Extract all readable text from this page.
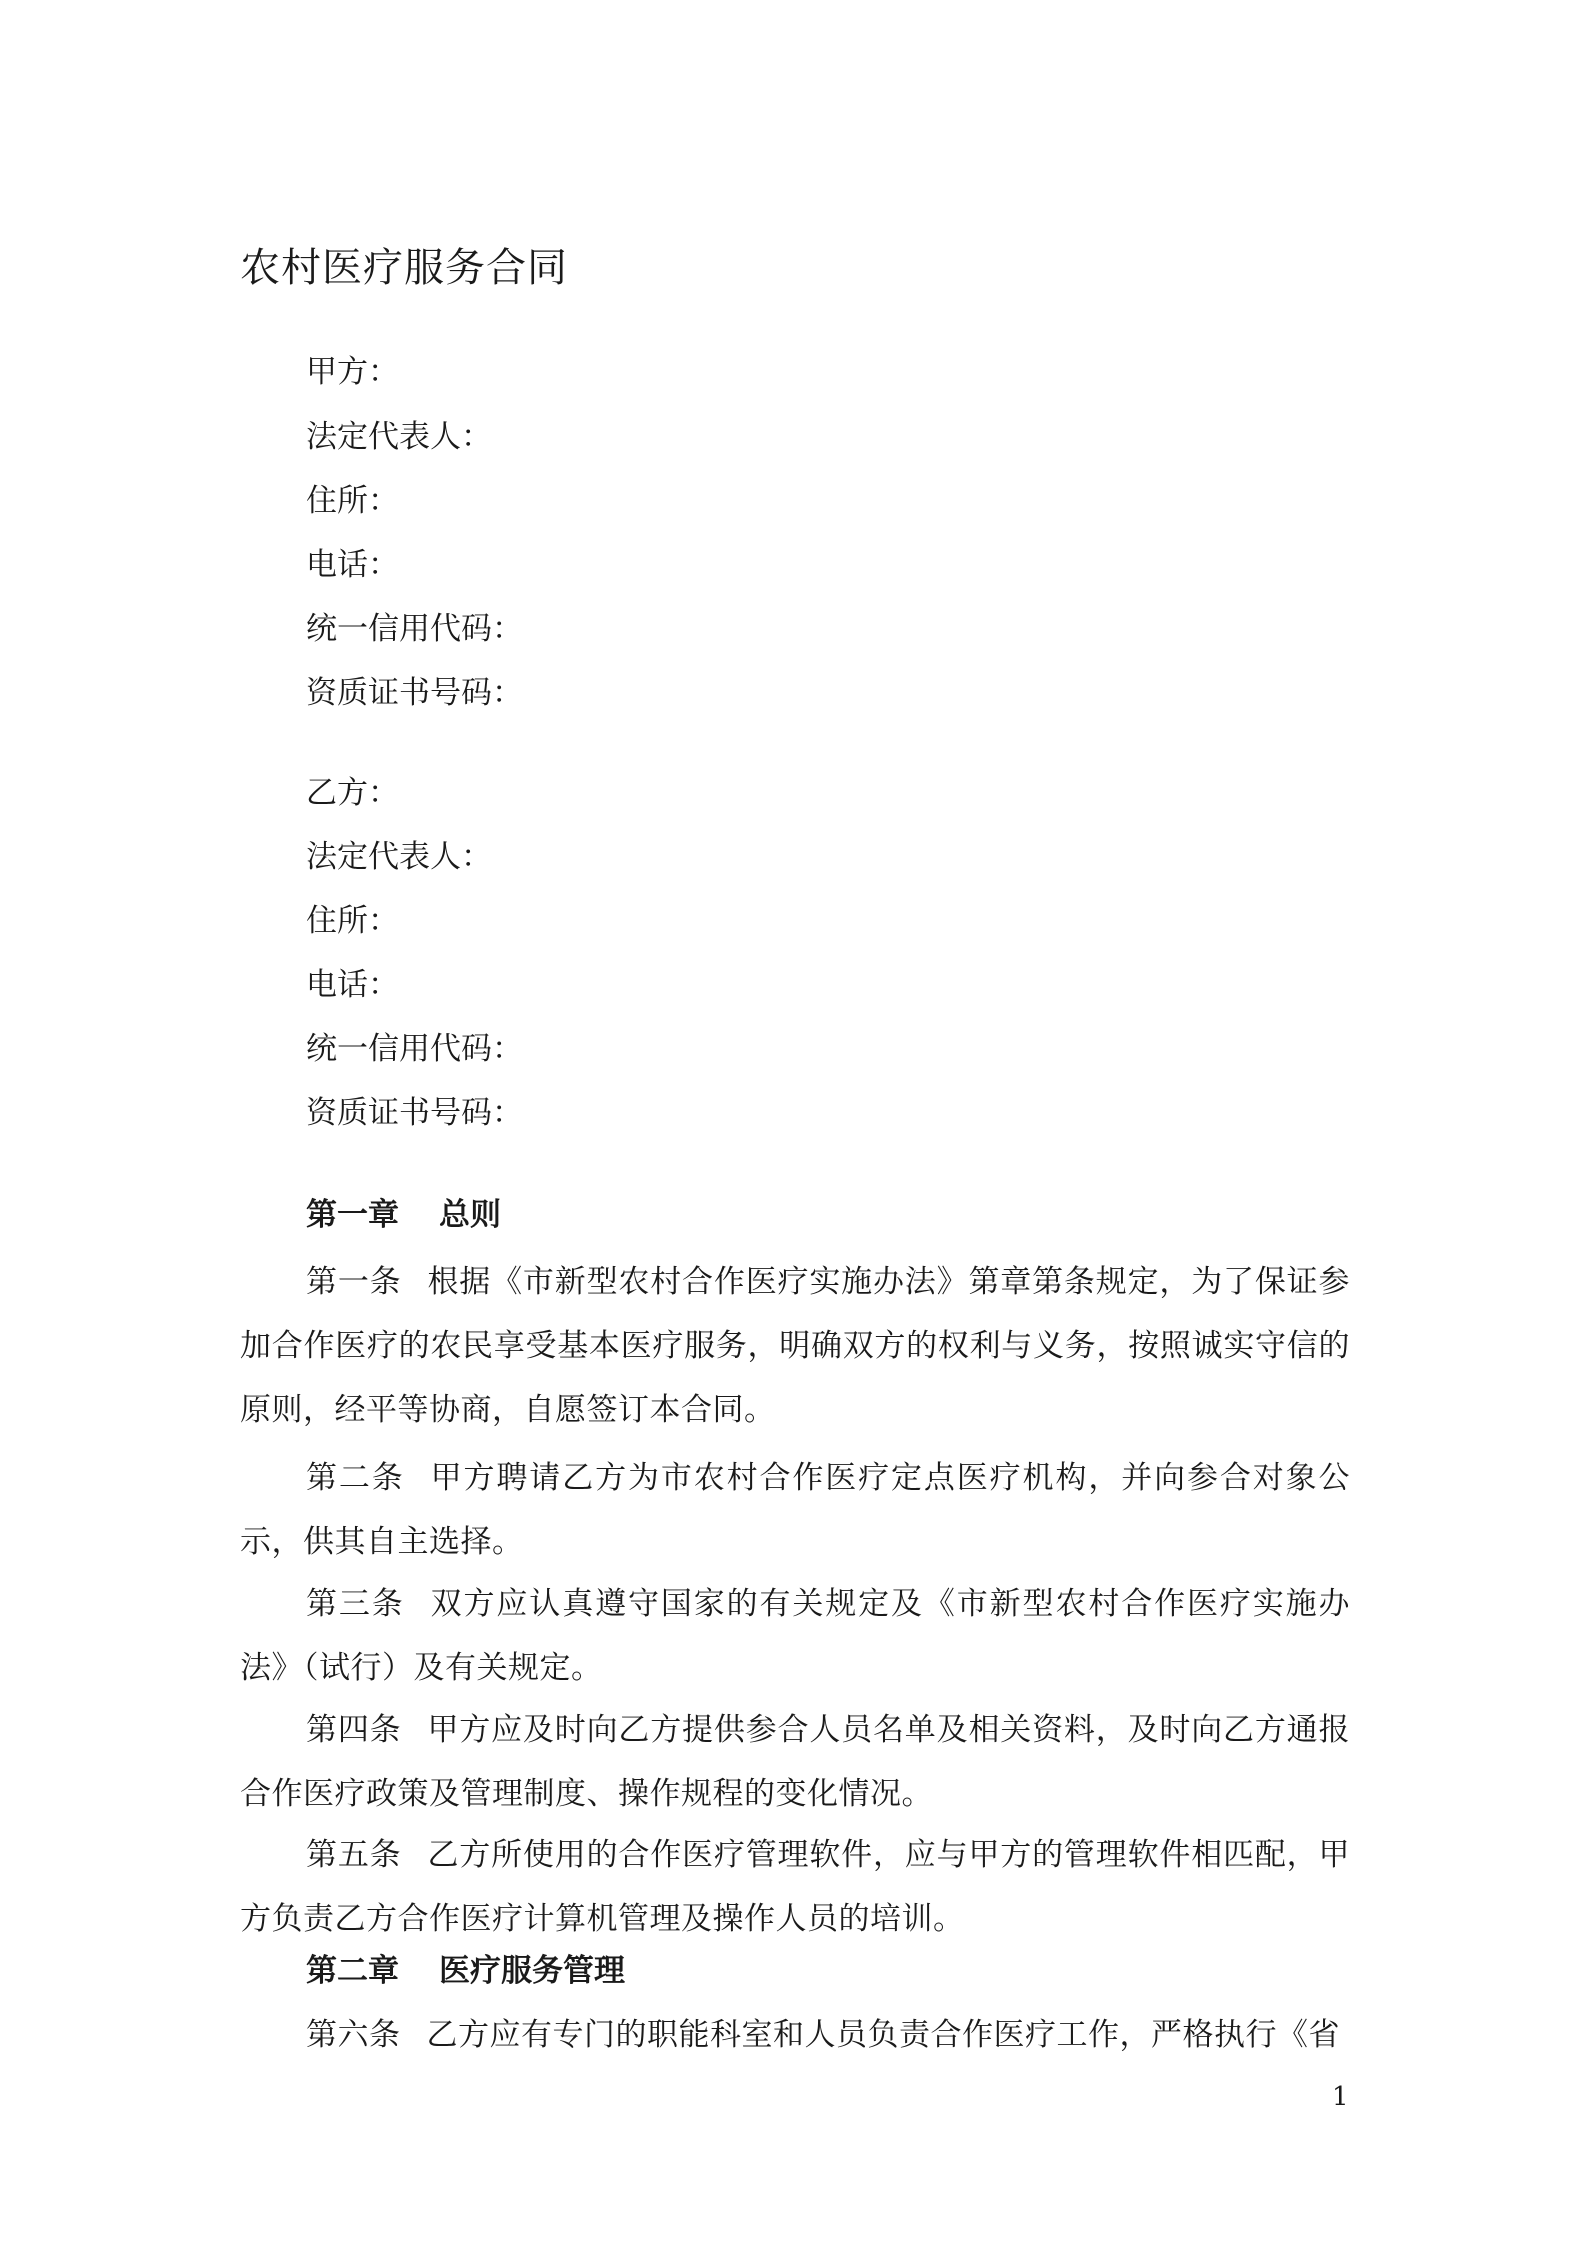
农村医疗服务合同
甲方：
法定代表人：
住所：
电话：
统一信用代码：
资质证书号码：
乙方：
法定代表人：
住所：
电话：
统一信用代码：
资质证书号码：
第一章 总则
第一条 根据《市新型农村合作医疗实施办法》第章第条规定，为了保证参加合作医疗的农民享受基本医疗服务，明确双方的权利与义务，按照诚实守信的原则，经平等协商，自愿签订本合同。
第二条 甲方聘请乙方为市农村合作医疗定点医疗机构，并向参合对象公示，供其自主选择。
第三条 双方应认真遵守国家的有关规定及《市新型农村合作医疗实施办法》（试行）及有关规定。
第四条 甲方应及时向乙方提供参合人员名单及相关资料，及时向乙方通报合作医疗政策及管理制度、操作规程的变化情况。
第五条 乙方所使用的合作医疗管理软件，应与甲方的管理软件相匹配，甲方负责乙方合作医疗计算机管理及操作人员的培训。
第二章 医疗服务管理
第六条 乙方应有专门的职能科室和人员负责合作医疗工作，严格执行《省
1
